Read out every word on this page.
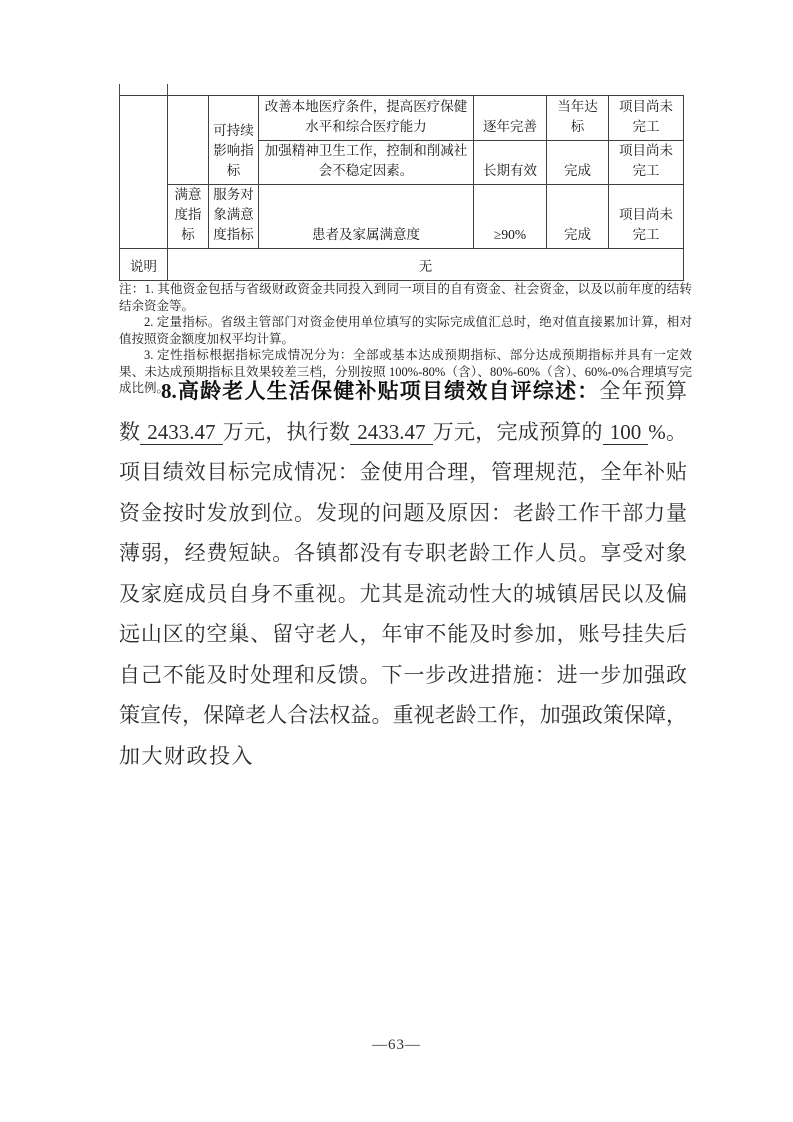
		可持续影响指标	改善本地医疗条件，提高医疗保健水平和综合医疗能力	逐年完善	当年达标	项目尚未完工
			加强精神卫生工作，控制和削减社会不稳定因素。	长期有效	完成	项目尚未完工
	满意度指标	服务对象满意度指标	患者及家属满意度	≥90%	完成	项目尚未完工
说明	无					

注：1. 其他资金包括与省级财政资金共同投入到同一项目的自有资金、社会资金，以及以前年度的结转结余资金等。

2. 定量指标。省级主管部门对资金使用单位填写的实际完成值汇总时，绝对值直接累加计算，相对值按照资金额度加权平均计算。

3. 定性指标根据指标完成情况分为：全部或基本达成预期指标、部分达成预期指标并具有一定效果、未达成预期指标且效果较差三档，分别按照 100%-80%（含）、80%-60%（含）、60%-0%合理填写完成比例。

8.高龄老人生活保健补贴项目绩效自评综述：全年预算
数 2433.47 万元，执行数 2433.47 万元，完成预算的 100 %。
项目绩效目标完成情况：金使用合理，管理规范，全年补贴
资金按时发放到位。发现的问题及原因：老龄工作干部力量
薄弱，经费短缺。各镇都没有专职老龄工作人员。享受对象
及家庭成员自身不重视。尤其是流动性大的城镇居民以及偏
远山区的空巢、留守老人，年审不能及时参加，账号挂失后
自己不能及时处理和反馈。下一步改进措施：进一步加强政
策宣传，保障老人合法权益。重视老龄工作，加强政策保障，
加大财政投入
—63—
